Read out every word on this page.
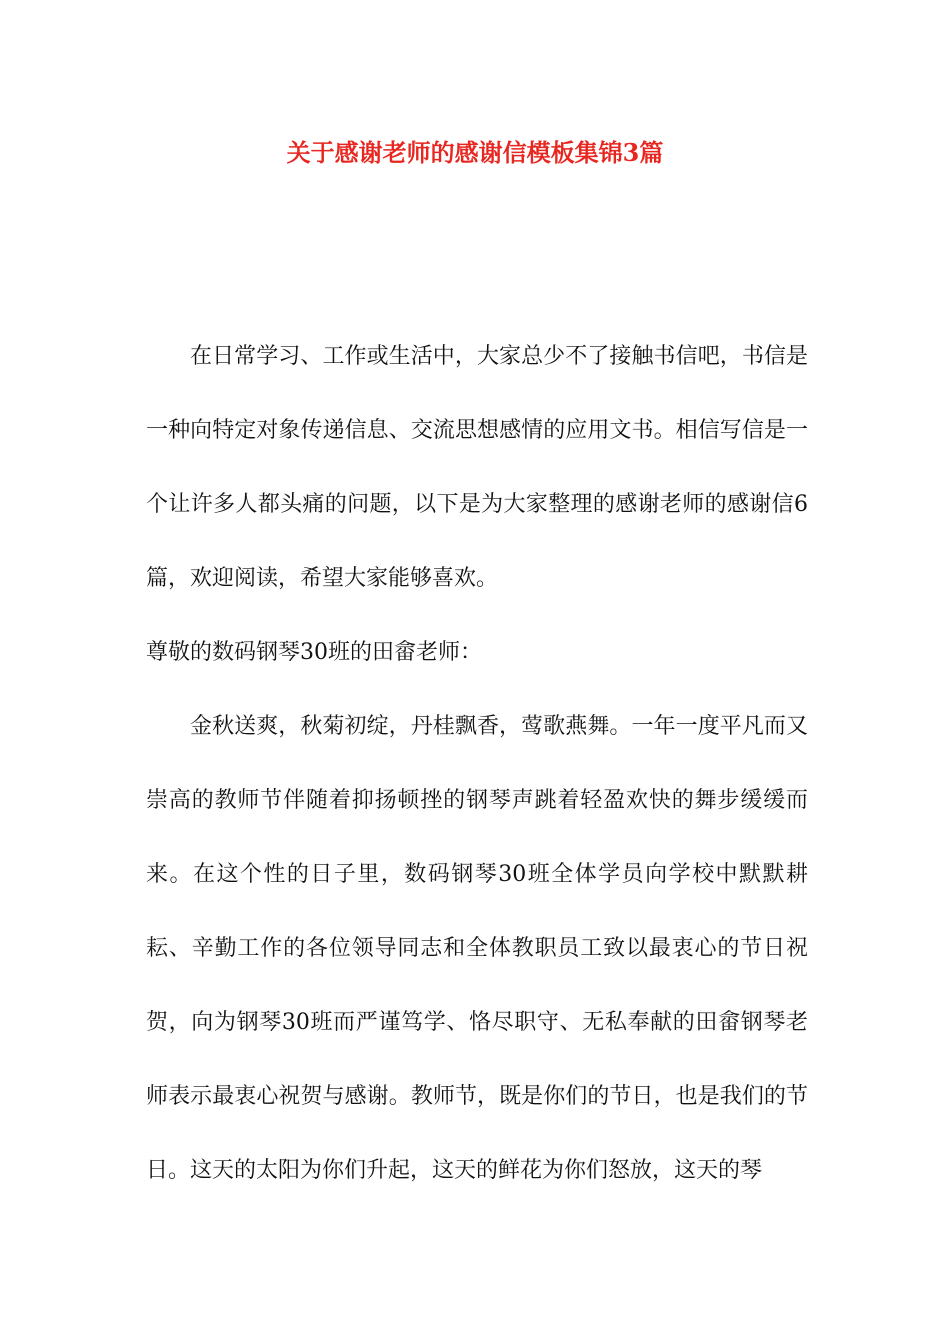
关于感谢老师的感谢信模板集锦3篇

在日常学习、工作或生活中，大家总少不了接触书信吧，书信是一种向特定对象传递信息、交流思想感情的应用文书。相信写信是一个让许多人都头痛的问题，以下是为大家整理的感谢老师的感谢信6篇，欢迎阅读，希望大家能够喜欢。

尊敬的数码钢琴30班的田畲老师：

金秋送爽，秋菊初绽，丹桂飘香，莺歌燕舞。一年一度平凡而又崇高的教师节伴随着抑扬顿挫的钢琴声跳着轻盈欢快的舞步缓缓而来。在这个性的日子里，数码钢琴30班全体学员向学校中默默耕耘、辛勤工作的各位领导同志和全体教职员工致以最衷心的节日祝贺，向为钢琴30班而严谨笃学、恪尽职守、无私奉献的田畲钢琴老师表示最衷心祝贺与感谢。教师节，既是你们的节日，也是我们的节日。这天的太阳为你们升起，这天的鲜花为你们怒放，这天的琴
